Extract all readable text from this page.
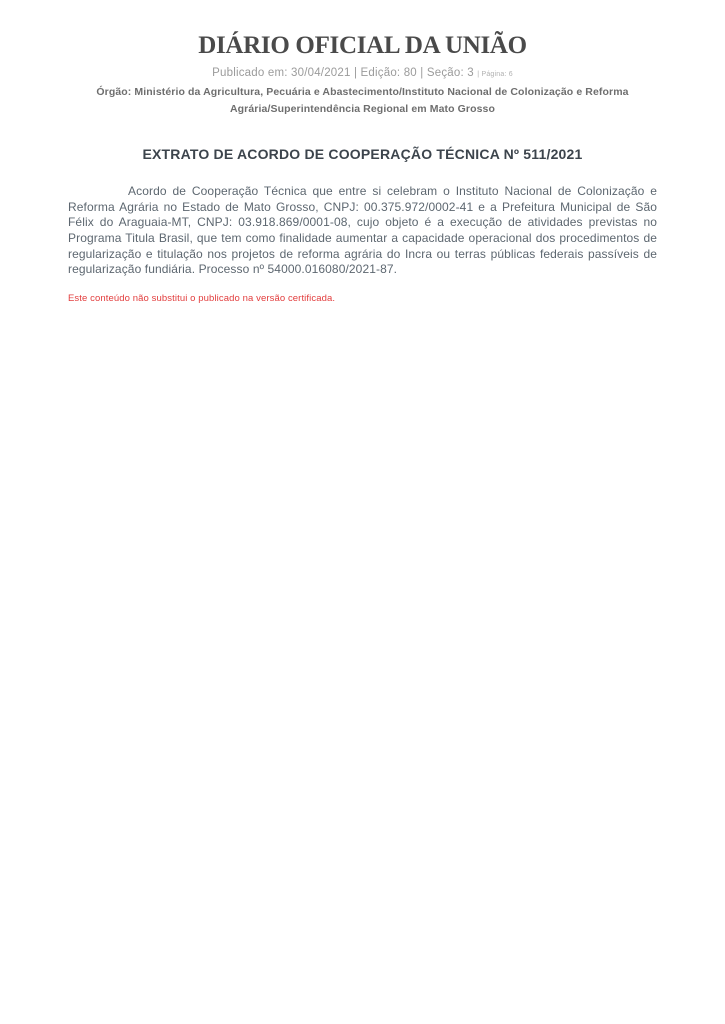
DIÁRIO OFICIAL DA UNIÃO

Publicado em: 30/04/2021 | Edição: 80 | Seção: 3 | Página: 6

Órgão: Ministério da Agricultura, Pecuária e Abastecimento/Instituto Nacional de Colonização e Reforma Agrária/Superintendência Regional em Mato Grosso

EXTRATO DE ACORDO DE COOPERAÇÃO TÉCNICA Nº 511/2021

Acordo de Cooperação Técnica que entre si celebram o Instituto Nacional de Colonização e Reforma Agrária no Estado de Mato Grosso, CNPJ: 00.375.972/0002-41 e a Prefeitura Municipal de São Félix do Araguaia-MT, CNPJ: 03.918.869/0001-08, cujo objeto é a execução de atividades previstas no Programa Titula Brasil, que tem como finalidade aumentar a capacidade operacional dos procedimentos de regularização e titulação nos projetos de reforma agrária do Incra ou terras públicas federais passíveis de regularização fundiária. Processo nº 54000.016080/2021-87.

Este conteúdo não substitui o publicado na versão certificada.
